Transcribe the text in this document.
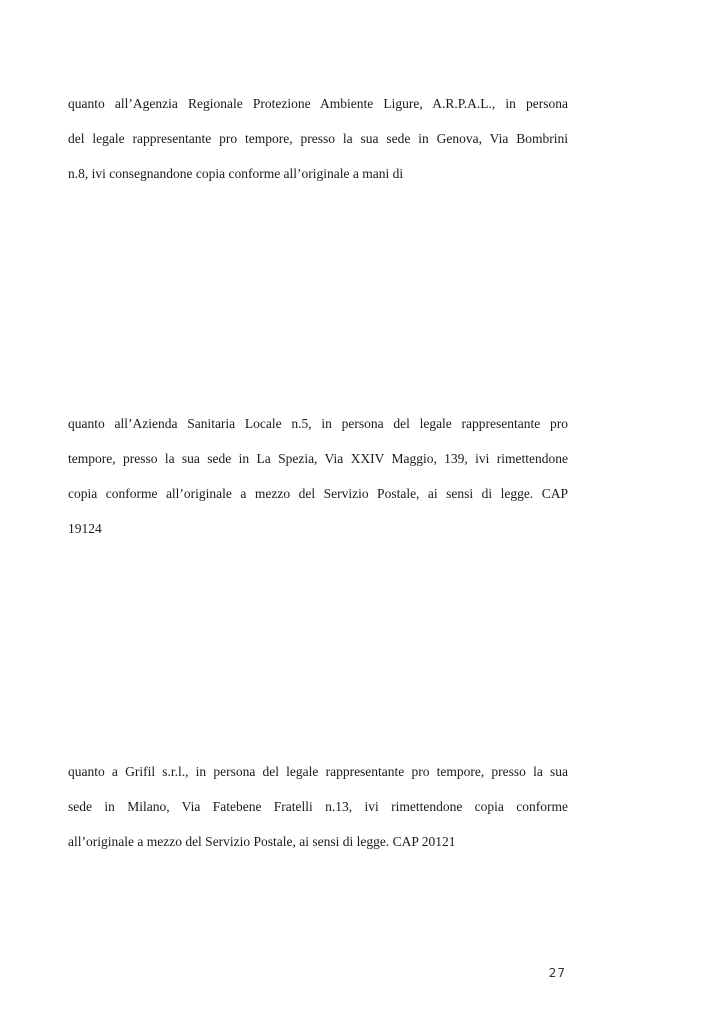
quanto all’Agenzia Regionale Protezione Ambiente Ligure, A.R.P.A.L., in persona
del legale rappresentante pro tempore, presso la sua sede in Genova, Via Bombrini
n.8, ivi consegnandone copia conforme all’originale a mani di
quanto all’Azienda Sanitaria Locale n.5, in persona del legale rappresentante pro
tempore, presso la sua sede in La Spezia, Via XXIV Maggio, 139, ivi rimettendone
copia conforme all’originale a mezzo del Servizio Postale, ai sensi di legge. CAP
19124
quanto a Grifil s.r.l., in persona del legale rappresentante pro tempore, presso la sua
sede in Milano, Via Fatebene Fratelli n.13, ivi rimettendone copia conforme
all’originale a mezzo del Servizio Postale, ai sensi di legge. CAP 20121
27
